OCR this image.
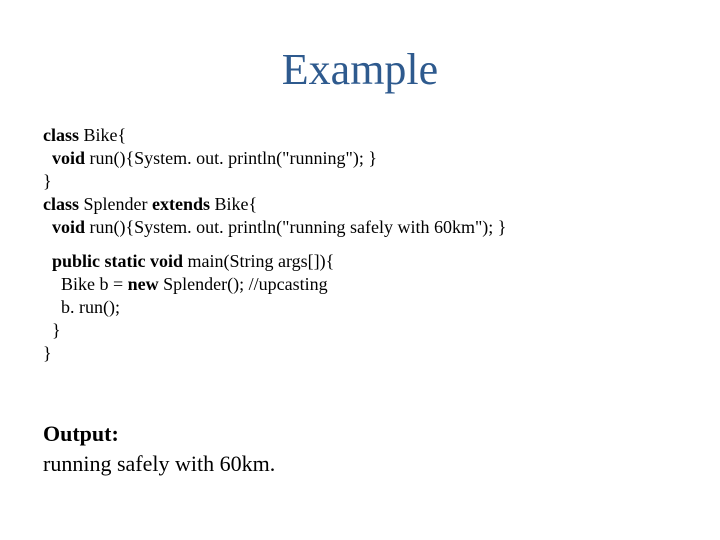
Example
class Bike{
void run(){System. out. println("running"); }
}
class Splender extends Bike{
void run(){System. out. println("running safely with 60km"); }
public static void main(String args[]){
Bike b = new Splender(); //upcasting
b. run();
}
}
Output:
running safely with 60km.
